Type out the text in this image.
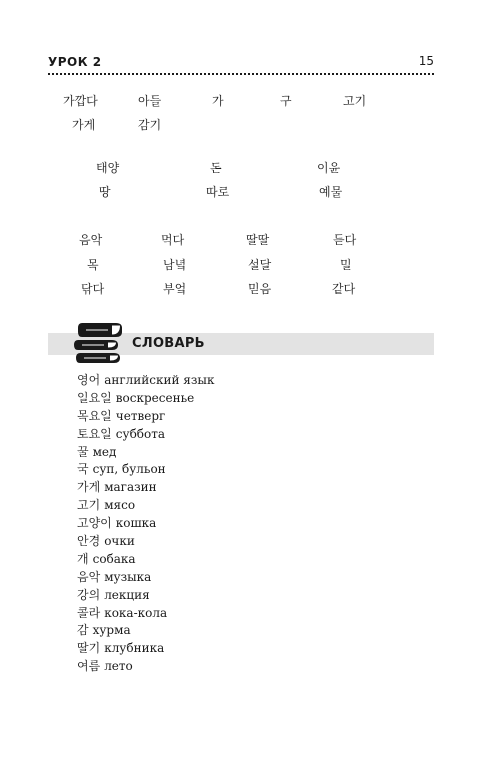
УРОК 2	15
가깝다	아들	가	구	고기
가게	감기
태양	돈	이윤
땅	따로	예물
음악	먹다	딸딸	듣다
목	남녘	설달	밀
닦다	부엌	믿음	같다
СЛОВАРЬ
영어 английский язык
일요일 воскресенье
목요일 четверг
토요일 суббота
꿀 мед
국 суп, бульон
가게 магазин
고기 мясо
고양이 кошка
안경 очки
개 собака
음악 музыка
강의 лекция
콜라 кока-кола
감 хурма
딸기 клубника
여름 лето
